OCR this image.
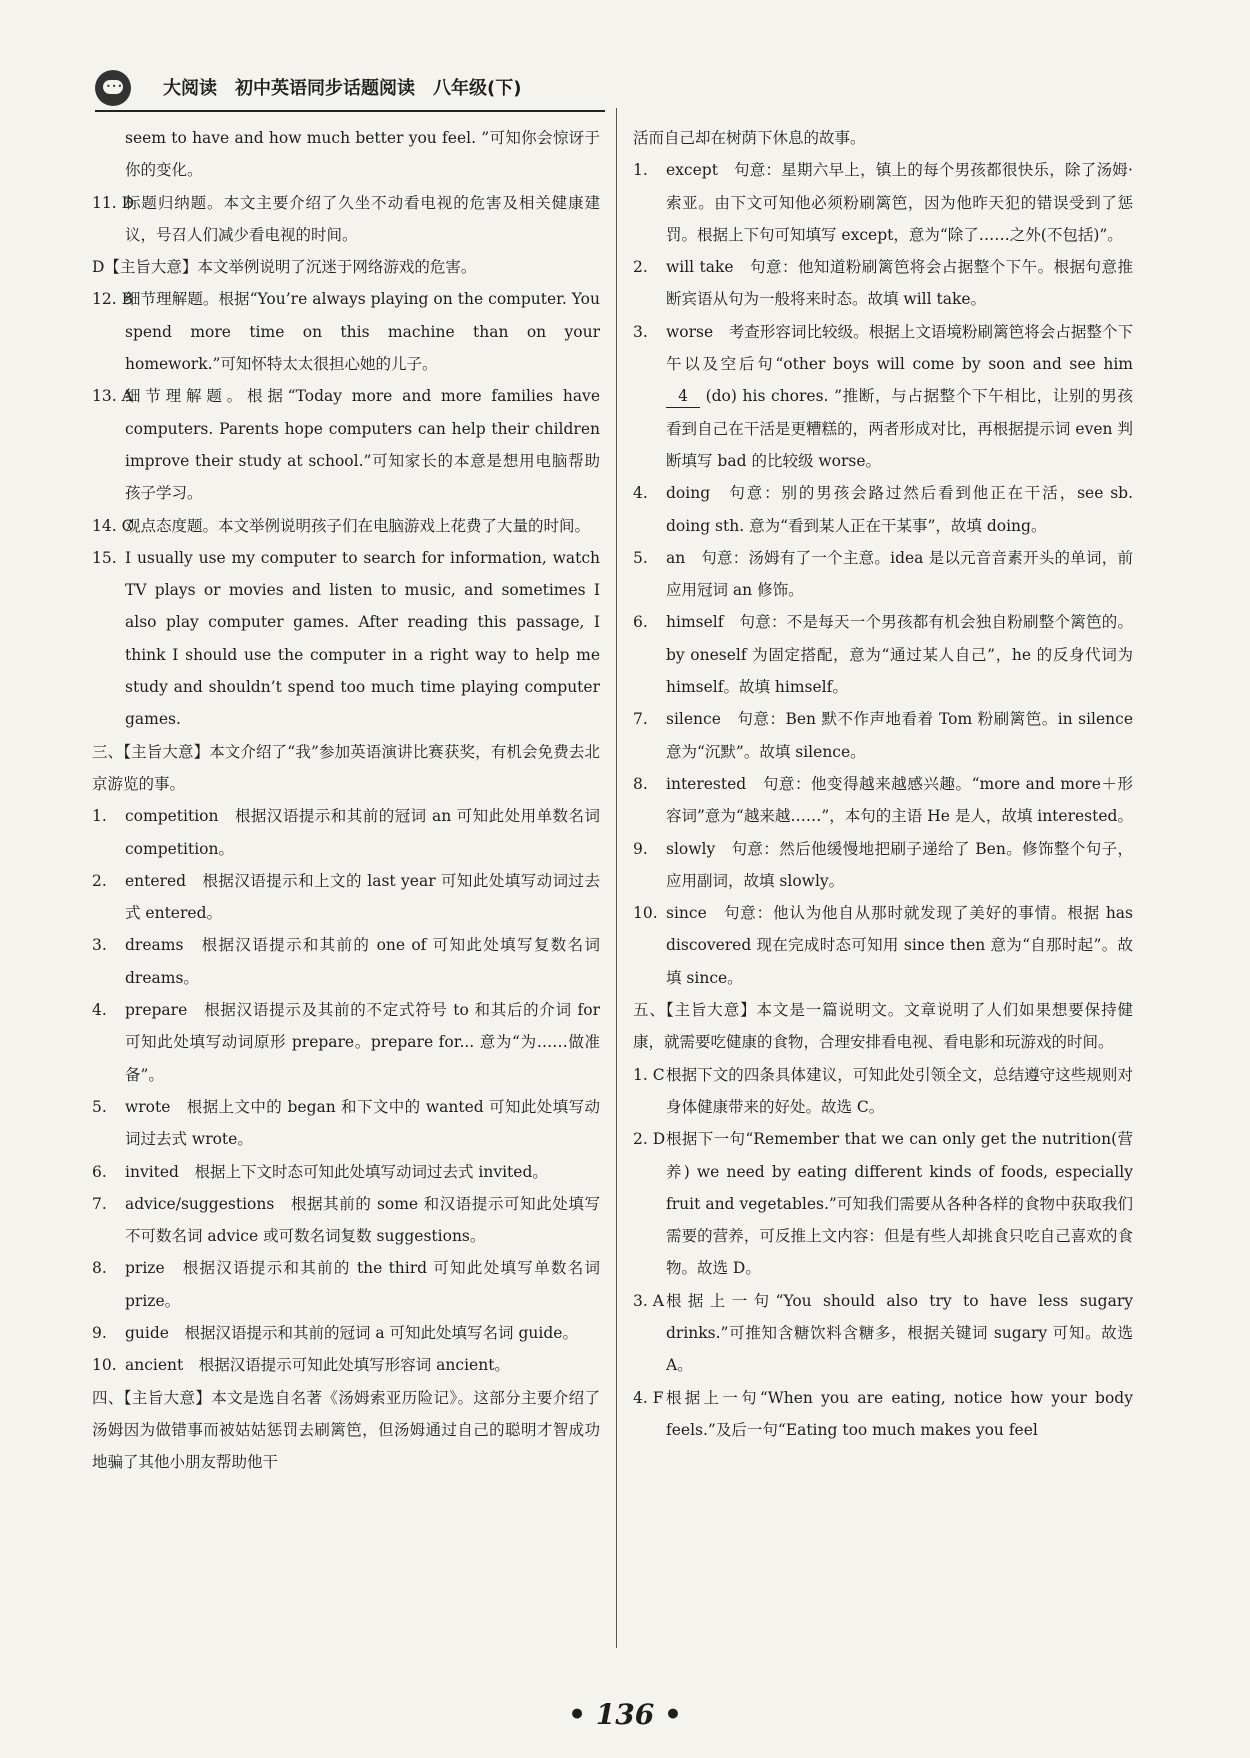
••• 大阅读　初中英语同步话题阅读　八年级(下)
seem to have and how much better you feel. ”可知你会惊讶于你的变化。
11. D
标题归纳题。本文主要介绍了久坐不动看电视的危害及相关健康建议，号召人们减少看电视的时间。
D【主旨大意】本文举例说明了沉迷于网络游戏的危害。
12. B
细节理解题。根据“You’re always playing on the computer. You spend more time on this machine than on your homework.”可知怀特太太很担心她的儿子。
13. A
细节理解题。根据“Today more and more families have computers. Parents hope computers can help their children improve their study at school.”可知家长的本意是想用电脑帮助孩子学习。
14. C
观点态度题。本文举例说明孩子们在电脑游戏上花费了大量的时间。
15. I usually use my computer to search for information, watch TV plays or movies and listen to music, and sometimes I also play computer games. After reading this passage, I think I should use the computer in a right way to help me study and shouldn’t spend too much time playing computer games.
三、【主旨大意】本文介绍了“我”参加英语演讲比赛获奖，有机会免费去北京游览的事。
1. competition　根据汉语提示和其前的冠词 an 可知此处用单数名词 competition。
2. entered　根据汉语提示和上文的 last year 可知此处填写动词过去式 entered。
3. dreams　根据汉语提示和其前的 one of 可知此处填写复数名词 dreams。
4. prepare　根据汉语提示及其前的不定式符号 to 和其后的介词 for 可知此处填写动词原形 prepare。prepare for... 意为“为……做准备”。
5. wrote　根据上文中的 began 和下文中的 wanted 可知此处填写动词过去式 wrote。
6. invited　根据上下文时态可知此处填写动词过去式 invited。
7. advice/suggestions　根据其前的 some 和汉语提示可知此处填写不可数名词 advice 或可数名词复数 suggestions。
8. prize　根据汉语提示和其前的 the third 可知此处填写单数名词 prize。
9. guide　根据汉语提示和其前的冠词 a 可知此处填写名词 guide。
10. ancient　根据汉语提示可知此处填写形容词 ancient。
四、【主旨大意】本文是选自名著《汤姆索亚历险记》。这部分主要介绍了汤姆因为做错事而被姑姑惩罚去刷篱笆，但汤姆通过自己的聪明才智成功地骗了其他小朋友帮助他干
活而自己却在树荫下休息的故事。
1. except　句意：星期六早上，镇上的每个男孩都很快乐，除了汤姆·索亚。由下文可知他必须粉刷篱笆，因为他昨天犯的错误受到了惩罚。根据上下句可知填写 except，意为“除了……之外(不包括)”。
2. will take　句意：他知道粉刷篱笆将会占据整个下午。根据句意推断宾语从句为一般将来时态。故填 will take。
3. worse　考查形容词比较级。根据上文语境粉刷篱笆将会占据整个下午以及空后句“other boys will come by soon and see him 4 (do) his chores. ”推断，与占据整个下午相比，让别的男孩看到自己在干活是更糟糕的，两者形成对比，再根据提示词 even 判断填写 bad 的比较级 worse。
4. doing　句意：别的男孩会路过然后看到他正在干活，see sb. doing sth. 意为“看到某人正在干某事”，故填 doing。
5. an　句意：汤姆有了一个主意。idea 是以元音音素开头的单词，前应用冠词 an 修饰。
6. himself　句意：不是每天一个男孩都有机会独自粉刷整个篱笆的。by oneself 为固定搭配，意为“通过某人自己”，he 的反身代词为 himself。故填 himself。
7. silence　句意：Ben 默不作声地看着 Tom 粉刷篱笆。in silence 意为“沉默”。故填 silence。
8. interested　句意：他变得越来越感兴趣。“more and more＋形容词”意为“越来越……”，本句的主语 He 是人，故填 interested。
9. slowly　句意：然后他缓慢地把刷子递给了 Ben。修饰整个句子，应用副词，故填 slowly。
10. since　句意：他认为他自从那时就发现了美好的事情。根据 has discovered 现在完成时态可知用 since then 意为“自那时起”。故填 since。
五、【主旨大意】本文是一篇说明文。文章说明了人们如果想要保持健康，就需要吃健康的食物，合理安排看电视、看电影和玩游戏的时间。
1. C 根据下文的四条具体建议，可知此处引领全文，总结遵守这些规则对身体健康带来的好处。故选 C。
2. D 根据下一句“Remember that we can only get the nutrition(营养) we need by eating different kinds of foods, especially fruit and vegetables.”可知我们需要从各种各样的食物中获取我们需要的营养，可反推上文内容：但是有些人却挑食只吃自己喜欢的食物。故选 D。
3. A 根据上一句“You should also try to have less sugary drinks.”可推知含糖饮料含糖多，根据关键词 sugary 可知。故选 A。
4. F 根据上一句“When you are eating, notice how your body feels.”及后一句“Eating too much makes you feel
• 136 •
